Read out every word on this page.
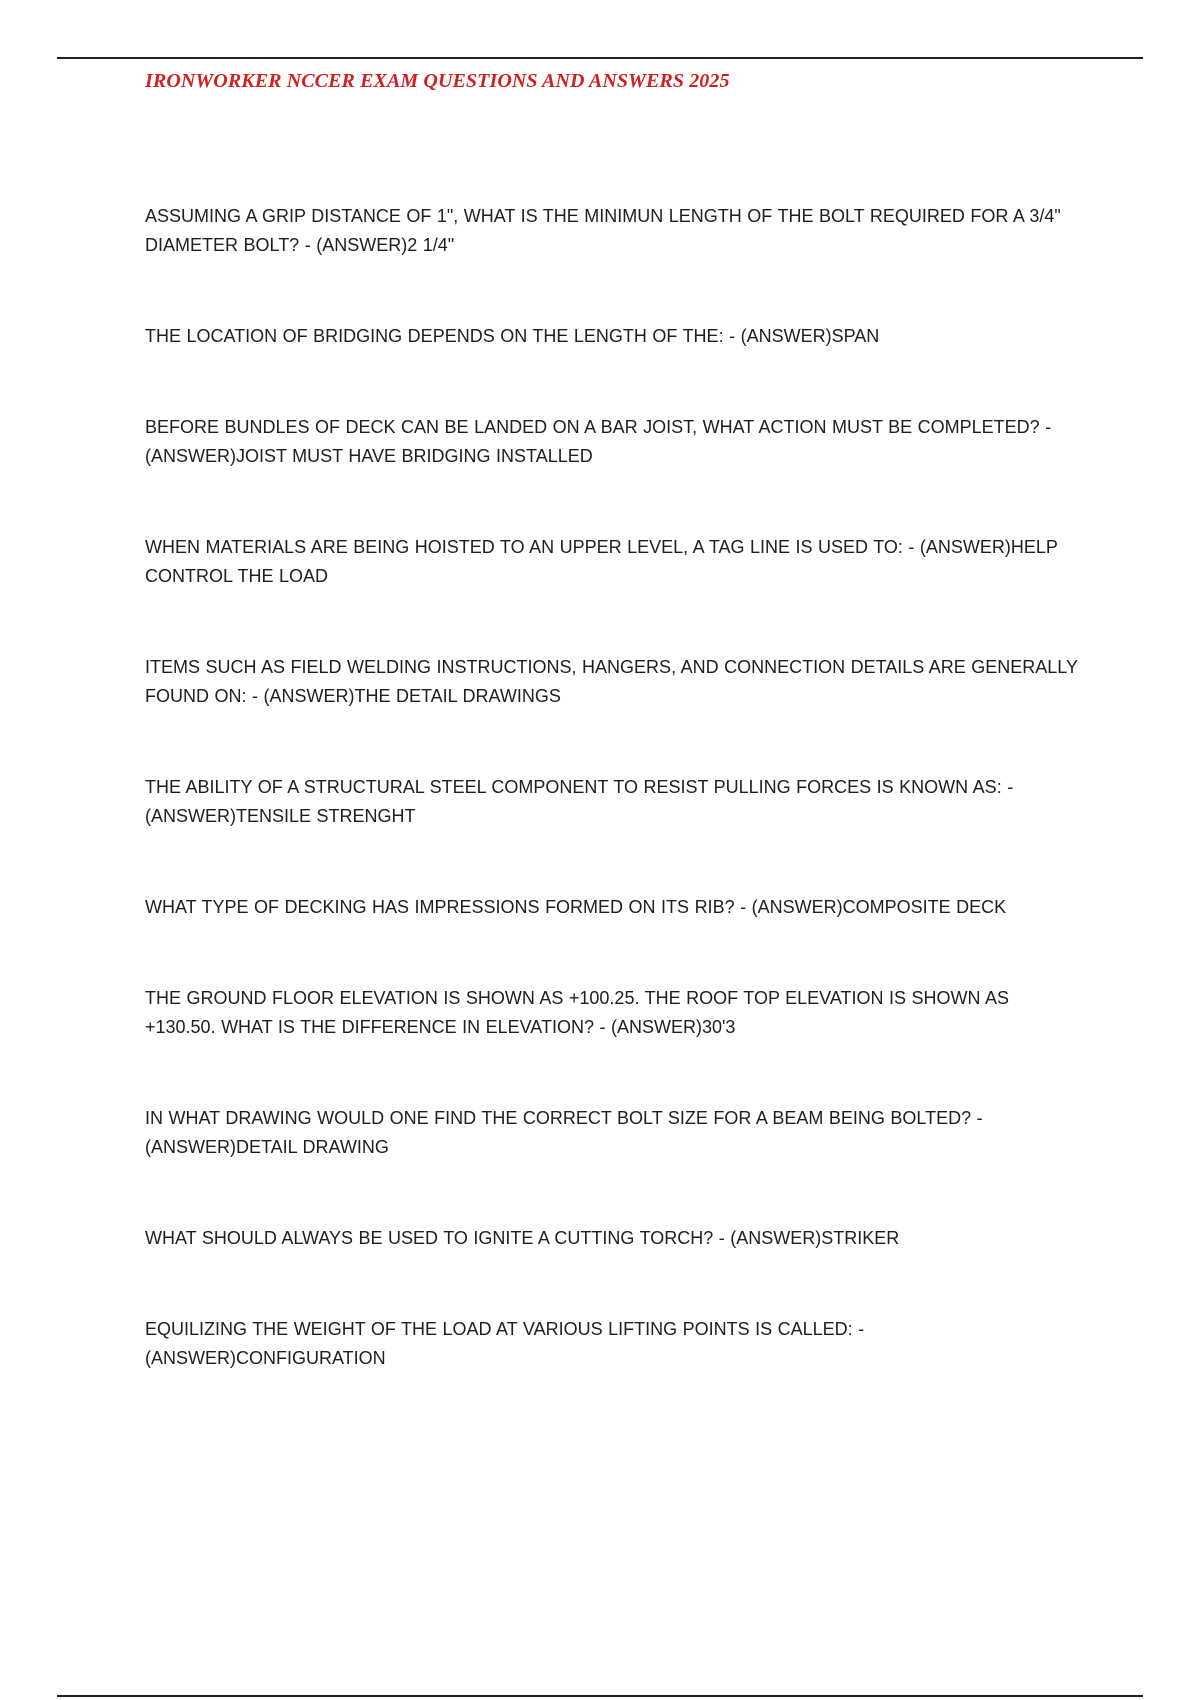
IRONWORKER NCCER EXAM QUESTIONS AND ANSWERS 2025
ASSUMING A GRIP DISTANCE OF 1", WHAT IS THE MINIMUN LENGTH OF THE BOLT REQUIRED FOR A 3/4" DIAMETER BOLT? - (ANSWER)2 1/4"
THE LOCATION OF BRIDGING DEPENDS ON THE LENGTH OF THE: - (ANSWER)SPAN
BEFORE BUNDLES OF DECK CAN BE LANDED ON A BAR JOIST, WHAT ACTION MUST BE COMPLETED? - (ANSWER)JOIST MUST HAVE BRIDGING INSTALLED
WHEN MATERIALS ARE BEING HOISTED TO AN UPPER LEVEL, A TAG LINE IS USED TO: - (ANSWER)HELP CONTROL THE LOAD
ITEMS SUCH AS FIELD WELDING INSTRUCTIONS, HANGERS, AND CONNECTION DETAILS ARE GENERALLY FOUND ON: - (ANSWER)THE DETAIL DRAWINGS
THE ABILITY OF A STRUCTURAL STEEL COMPONENT TO RESIST PULLING FORCES IS KNOWN AS: - (ANSWER)TENSILE STRENGHT
WHAT TYPE OF DECKING HAS IMPRESSIONS FORMED ON ITS RIB? - (ANSWER)COMPOSITE DECK
THE GROUND FLOOR ELEVATION IS SHOWN AS +100.25. THE ROOF TOP ELEVATION IS SHOWN AS +130.50. WHAT IS THE DIFFERENCE IN ELEVATION? - (ANSWER)30'3
IN WHAT DRAWING WOULD ONE FIND THE CORRECT BOLT SIZE FOR A BEAM BEING BOLTED? - (ANSWER)DETAIL DRAWING
WHAT SHOULD ALWAYS BE USED TO IGNITE A CUTTING TORCH? - (ANSWER)STRIKER
EQUILIZING THE WEIGHT OF THE LOAD AT VARIOUS LIFTING POINTS IS CALLED: - (ANSWER)CONFIGURATION
